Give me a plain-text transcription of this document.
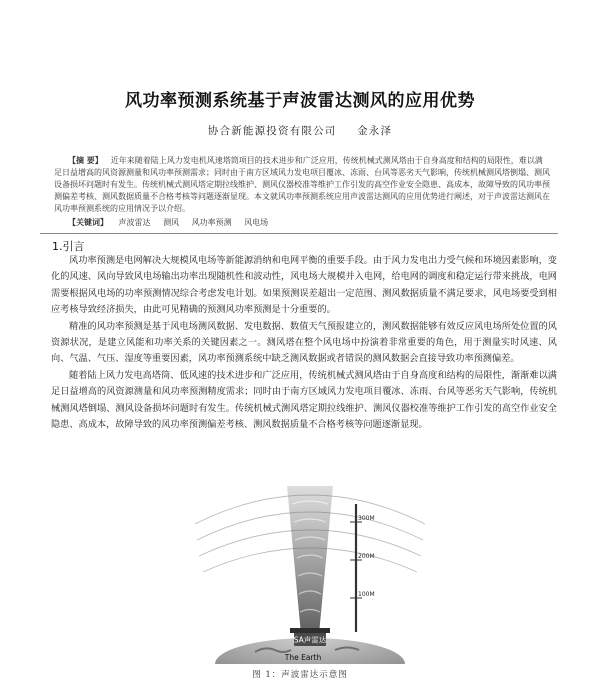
风功率预测系统基于声波雷达测风的应用优势
协合新能源投资有限公司 金永泽

【摘 要】 近年来随着陆上风力发电机风速塔筒项目的技术进步和广泛应用，传统机械式测风塔由于自身高度和结构的局限性，难以满足日益增高的风资源测量和风功率预测需求；同时由于南方区域风力发电项目覆冰、冻雨、台风等恶劣天气影响，传统机械测风塔倒塌、测风设备损坏问题时有发生。传统机械式测风塔定期拉线维护、测风仪器校准等维护工作引发的高空作业安全隐患、高成本，故障导致的风功率预测偏差考核、测风数据质量不合格考核等问题逐渐显现。本文就风功率预测系统应用声波雷达测风的应用优势进行阐述，对于声波雷达测风在风功率预测系统的应用情况予以介绍。

【关键词】 声波雷达 测风 风功率预测 风电场

1.引言

风功率预测是电网解决大规模风电场等新能源消纳和电网平衡的重要手段。由于风力发电出力受气候和环境因素影响，变化的风速、风向导致风电场输出功率出现随机性和波动性，风电场大规模并入电网，给电网的调度和稳定运行带来挑战，电网需要根据风电场的功率预测情况综合考虑发电计划。如果预测误差超出一定范围、测风数据质量不满足要求，风电场要受到相应考核导致经济损失，由此可见精确的预测风功率预测是十分重要的。

精准的风功率预测是基于风电场测风数据、发电数据、数值天气预报建立的，测风数据能够有效反应风电场所处位置的风资源状况，是建立风能和功率关系的关键因素之一。测风塔在整个风电场中扮演着非常重要的角色，用于测量实时风速、风向、气温、气压、湿度等重要因素，风功率预测系统中缺乏测风数据或者错误的测风数据会直接导致功率预测偏差。

随着陆上风力发电高塔筒、低风速的技术进步和广泛应用，传统机械式测风塔由于自身高度和结构的局限性，渐渐难以满足日益增高的风资源测量和风功率预测精度需求；同时由于南方区域风力发电项目覆冰、冻雨、台风等恶劣天气影响，传统机械测风塔倒塌、测风设备损坏问题时有发生。传统机械式测风塔定期拉线维护、测风仪器校准等维护工作引发的高空作业安全隐患、高成本，故障导致的风功率预测偏差考核、测风数据质量不合格考核等问题逐渐显现。

SA声雷达
The Earth
300M
200M
100M
图 1：声波雷达示意图
